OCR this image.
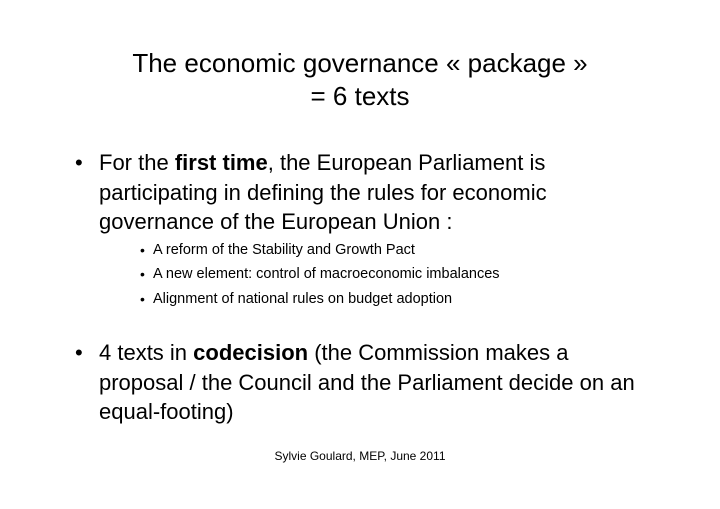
The economic governance « package »
= 6 texts
• For the first time, the European Parliament is participating in defining the rules for economic governance of the European Union :
• A reform of the Stability and Growth Pact
• A new element: control of macroeconomic imbalances
• Alignment of national rules on budget adoption
• 4 texts in codecision (the Commission makes a proposal / the Council and the Parliament decide on an equal-footing)
Sylvie Goulard, MEP, June 2011
